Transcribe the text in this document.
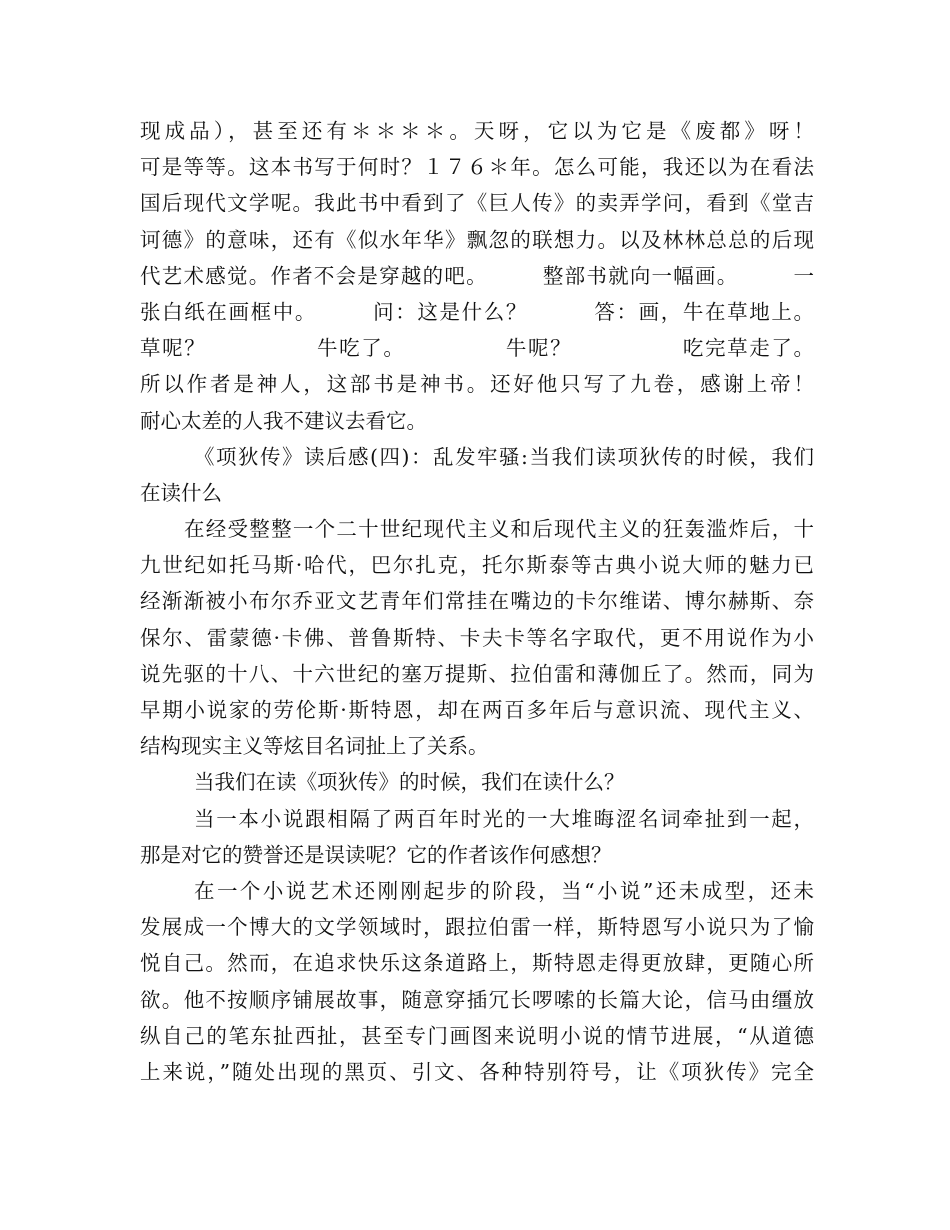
现成品），甚至还有＊＊＊＊。天呀，它以为它是《废都》呀！
可是等等。这本书写于何时？１７６＊年。怎么可能，我还以为在看法
国后现代文学呢。我此书中看到了《巨人传》的卖弄学问，看到《堂吉
诃德》的意味，还有《似水年华》飘忽的联想力。以及林林总总的后现
代艺术感觉。作者不会是穿越的吧。　　　整部书就向一幅画。　　　一
张白纸在画框中。　　　问：这是什么？　　　答：画，牛在草地上。
草呢？　　　　　牛吃了。　　　　　牛呢？　　　　　吃完草走了。
所以作者是神人，这部书是神书。还好他只写了九卷，感谢上帝！
耐心太差的人我不建议去看它。
《项狄传》读后感(四)：乱发牢骚:当我们读项狄传的时候，我们
在读什么
在经受整整一个二十世纪现代主义和后现代主义的狂轰滥炸后，十
九世纪如托马斯·哈代，巴尔扎克，托尔斯泰等古典小说大师的魅力已
经渐渐被小布尔乔亚文艺青年们常挂在嘴边的卡尔维诺、博尔赫斯、奈
保尔、雷蒙德·卡佛、普鲁斯特、卡夫卡等名字取代，更不用说作为小
说先驱的十八、十六世纪的塞万提斯、拉伯雷和薄伽丘了。然而，同为
早期小说家的劳伦斯·斯特恩，却在两百多年后与意识流、现代主义、
结构现实主义等炫目名词扯上了关系。
当我们在读《项狄传》的时候，我们在读什么？
当一本小说跟相隔了两百年时光的一大堆晦涩名词牵扯到一起，
那是对它的赞誉还是误读呢？它的作者该作何感想？
在一个小说艺术还刚刚起步的阶段，当“小说”还未成型，还未
发展成一个博大的文学领域时，跟拉伯雷一样，斯特恩写小说只为了愉
悦自己。然而，在追求快乐这条道路上，斯特恩走得更放肆，更随心所
欲。他不按顺序铺展故事，随意穿插冗长啰嗦的长篇大论，信马由缰放
纵自己的笔东扯西扯，甚至专门画图来说明小说的情节进展，“从道德
上来说，”随处出现的黑页、引文、各种特别符号，让《项狄传》完全
